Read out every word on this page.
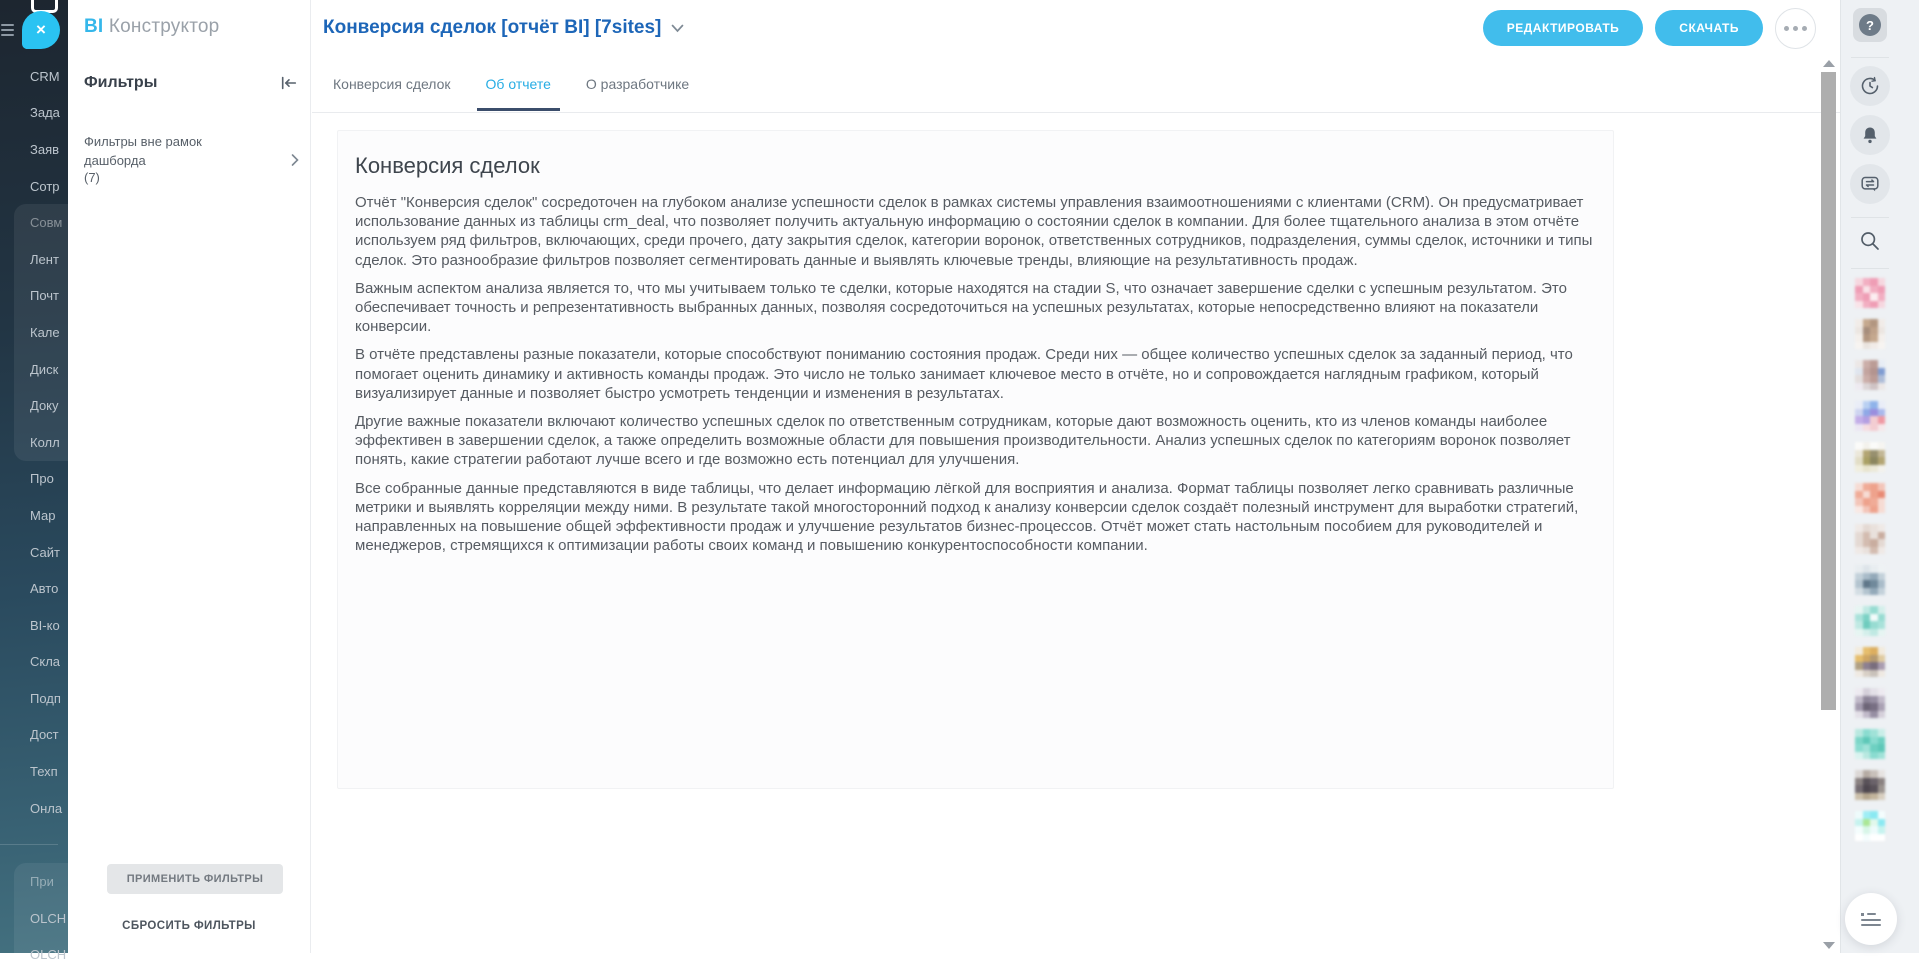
×
CRM
Зада
Заяв
Сотр
Совм
Лент
Почт
Кале
Диск
Доку
Колл
Про
Мар
Сайт
Авто
BI-ко
Скла
Подп
Дост
Техп
Онла
При
OLCH
OLCH
BI Конструктор
Фильтры
Фильтры вне рамок дашборда
(7)
ПРИМЕНИТЬ ФИЛЬТРЫ
СБРОСИТЬ ФИЛЬТРЫ
Конверсия сделок [отчёт BI] [7sites]	РЕДАКТИРОВАТЬ	СКАЧАТЬ
Конверсия сделок	Об отчете	О разработчике
Конверсия сделок

Отчёт "Конверсия сделок" сосредоточен на глубоком анализе успешности сделок в рамках системы управления взаимоотношениями с клиентами (CRM). Он предусматривает использование данных из таблицы crm_deal, что позволяет получить актуальную информацию о состоянии сделок в компании. Для более тщательного анализа в этом отчёте используем ряд фильтров, включающих, среди прочего, дату закрытия сделок, категории воронок, ответственных сотрудников, подразделения, суммы сделок, источники и типы сделок. Это разнообразие фильтров позволяет сегментировать данные и выявлять ключевые тренды, влияющие на результативность продаж.

Важным аспектом анализа является то, что мы учитываем только те сделки, которые находятся на стадии S, что означает завершение сделки с успешным результатом. Это обеспечивает точность и репрезентативность выбранных данных, позволяя сосредоточиться на успешных результатах, которые непосредственно влияют на показатели конверсии.

В отчёте представлены разные показатели, которые способствуют пониманию состояния продаж. Среди них — общее количество успешных сделок за заданный период, что помогает оценить динамику и активность команды продаж. Это число не только занимает ключевое место в отчёте, но и сопровождается наглядным графиком, который визуализирует данные и позволяет быстро усмотреть тенденции и изменения в результатах.

Другие важные показатели включают количество успешных сделок по ответственным сотрудникам, которые дают возможность оценить, кто из членов команды наиболее эффективен в завершении сделок, а также определить возможные области для повышения производительности. Анализ успешных сделок по категориям воронок позволяет понять, какие стратегии работают лучше всего и где возможно есть потенциал для улучшения.

Все собранные данные представляются в виде таблицы, что делает информацию лёгкой для восприятия и анализа. Формат таблицы позволяет легко сравнивать различные метрики и выявлять корреляции между ними. В результате такой многосторонний подход к анализу конверсии сделок создаёт полезный инструмент для выработки стратегий, направленных на повышение общей эффективности продаж и улучшение результатов бизнес-процессов. Отчёт может стать настольным пособием для руководителей и менеджеров, стремящихся к оптимизации работы своих команд и повышению конкурентоспособности компании.

?
